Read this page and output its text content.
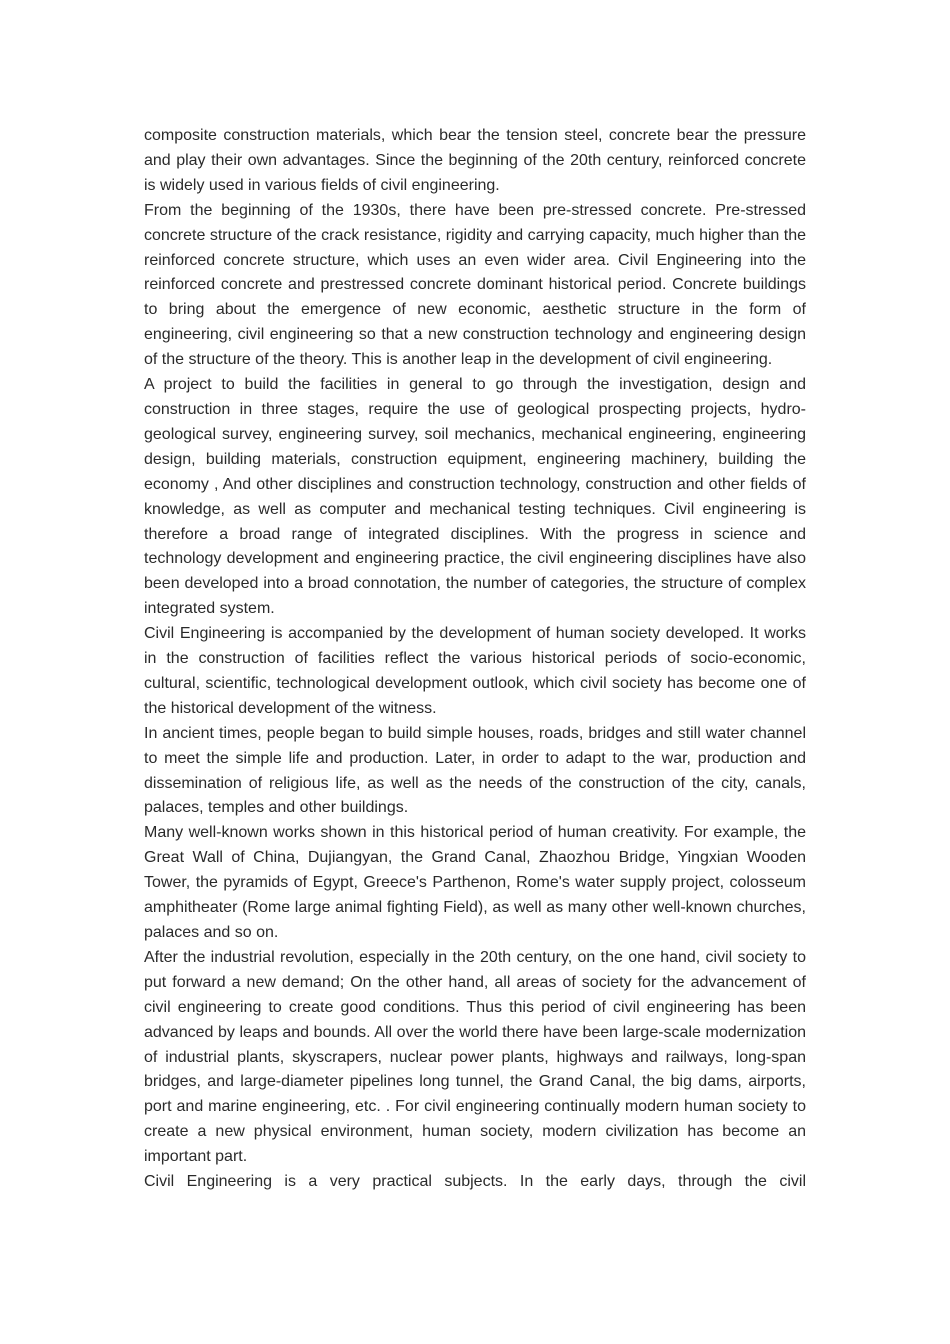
composite construction materials, which bear the tension steel, concrete bear the pressure and play their own advantages. Since the beginning of the 20th century, reinforced concrete is widely used in various fields of civil engineering.

From the beginning of the 1930s, there have been pre-stressed concrete. Pre-stressed concrete structure of the crack resistance, rigidity and carrying capacity, much higher than the reinforced concrete structure, which uses an even wider area. Civil Engineering into the reinforced concrete and prestressed concrete dominant historical period. Concrete buildings to bring about the emergence of new economic, aesthetic structure in the form of engineering, civil engineering so that a new construction technology and engineering design of the structure of the theory. This is another leap in the development of civil engineering.

A project to build the facilities in general to go through the investigation, design and construction in three stages, require the use of geological prospecting projects, hydro-geological survey, engineering survey, soil mechanics, mechanical engineering, engineering design, building materials, construction equipment, engineering machinery, building the economy , And other disciplines and construction technology, construction and other fields of knowledge, as well as computer and mechanical testing techniques. Civil engineering is therefore a broad range of integrated disciplines. With the progress in science and technology development and engineering practice, the civil engineering disciplines have also been developed into a broad connotation, the number of categories, the structure of complex integrated system.

Civil Engineering is accompanied by the development of human society developed. It works in the construction of facilities reflect the various historical periods of socio-economic, cultural, scientific, technological development outlook, which civil society has become one of the historical development of the witness.

In ancient times, people began to build simple houses, roads, bridges and still water channel to meet the simple life and production. Later, in order to adapt to the war, production and dissemination of religious life, as well as the needs of the construction of the city, canals, palaces, temples and other buildings.

Many well-known works shown in this historical period of human creativity. For example, the Great Wall of China, Dujiangyan, the Grand Canal, Zhaozhou Bridge, Yingxian Wooden Tower, the pyramids of Egypt, Greece's Parthenon, Rome's water supply project, colosseum amphitheater (Rome large animal fighting Field), as well as many other well-known churches, palaces and so on.

After the industrial revolution, especially in the 20th century, on the one hand, civil society to put forward a new demand; On the other hand, all areas of society for the advancement of civil engineering to create good conditions. Thus this period of civil engineering has been advanced by leaps and bounds. All over the world there have been large-scale modernization of industrial plants, skyscrapers, nuclear power plants, highways and railways, long-span bridges, and large-diameter pipelines long tunnel, the Grand Canal, the big dams, airports, port and marine engineering, etc. . For civil engineering continually modern human society to create a new physical environment, human society, modern civilization has become an important part.

Civil Engineering is a very practical subjects. In the early days, through the civil
